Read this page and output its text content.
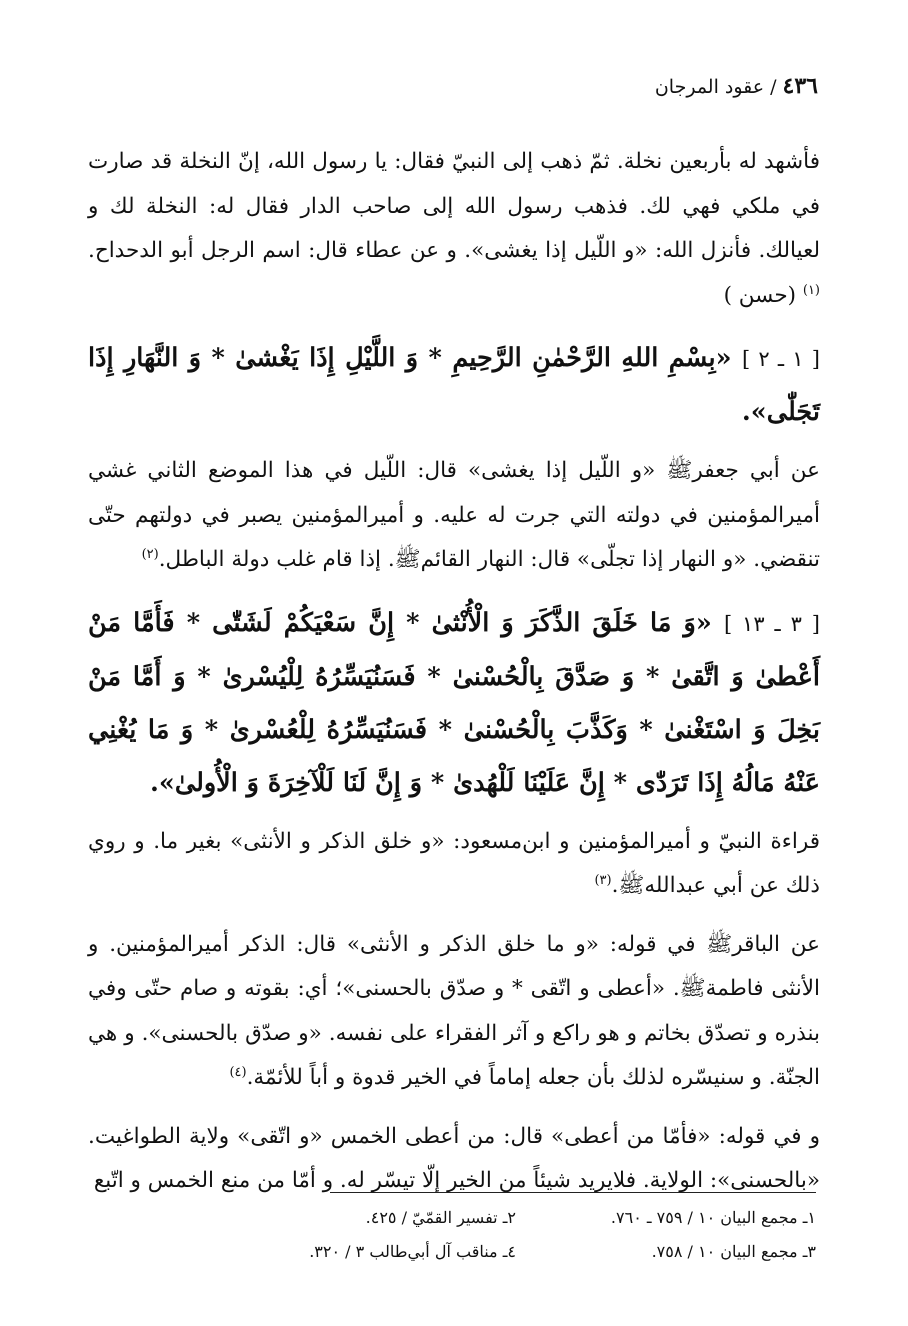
٤٣٦/عقود المرجان

فأشهد له بأربعين نخلة. ثمّ ذهب إلى النبيّ فقال: يا رسول الله، إنّ النخلة قد صارت في ملكي فهي لك. فذهب رسول الله إلى صاحب الدار فقال له: النخلة لك و لعيالك. فأنزل الله: «و اللّيل إذا يغشى». و عن عطاء قال: اسم الرجل أبو الدحداح.$^{(١)}$ (حسن )

[ ١ ـ ٢ ] «بِسْمِ اللهِ الرَّحْمٰنِ الرَّحِيمِ * وَ اللَّيْلِ إِذَا يَغْشىٰ * وَ النَّهَارِ إِذَا تَجَلّٰى».

عن أبي جعفرﷺ «و اللّيل إذا يغشى» قال: اللّيل في هذا الموضع الثاني غشي أميرالمؤمنين في دولته التي جرت له عليه. و أميرالمؤمنين يصبر في دولتهم حتّى تنقضي. «و النهار إذا تجلّى» قال: النهار القائمﷺ. إذا قام غلب دولة الباطل.$^{(٢)}$

[ ٣ ـ ١٣ ] «وَ مَا خَلَقَ الذَّكَرَ وَ الْأُنْثىٰ * إِنَّ سَعْيَكُمْ لَشَتّٰى * فَأَمَّا مَنْ أَعْطىٰ وَ اتَّقىٰ * وَ صَدَّقَ بِالْحُسْنىٰ * فَسَنُيَسِّرُهُ لِلْيُسْرىٰ * وَ أَمَّا مَنْ بَخِلَ وَ اسْتَغْنىٰ * وَكَذَّبَ بِالْحُسْنىٰ * فَسَنُيَسِّرُهُ لِلْعُسْرىٰ * وَ مَا يُغْنِي عَنْهُ مَالُهُ إِذَا تَرَدّٰى * إِنَّ عَلَيْنَا لَلْهُدىٰ * وَ إِنَّ لَنَا لَلْآخِرَةَ وَ الْأُولىٰ».

قراءة النبيّ و أميرالمؤمنين و ابن‌مسعود: «و خلق الذكر و الأنثى» بغير ما. و روي ذلك عن أبي عبداللهﷺ.$^{(٣)}$

عن الباقرﷺ في قوله: «و ما خلق الذكر و الأنثى» قال: الذكر أميرالمؤمنين. و الأنثى فاطمةﷺ. «أعطى و اتّقى * و صدّق بالحسنى»؛ أي: بقوته و صام حتّى وفي بنذره و تصدّق بخاتم و هو راكع و آثر الفقراء على نفسه. «و صدّق بالحسنى». و هي الجنّة. و سنيسّره لذلك بأن جعله إماماً في الخير قدوة و أباً للأئمّة.$^{(٤)}$

و في قوله: «فأمّا من أعطى» قال: من أعطى الخمس «و اتّقى» ولاية الطواغيت. «بالحسنى»: الولاية. فلايريد شيئاً من الخير إلّا تيسّر له. و أمّا من منع الخمس و اتّبع

١ـ مجمع البيان ١٠ / ٧٥٩ ـ ٧٦٠.
٢ـ تفسير القمّيّ / ٤٢٥.
٣ـ مجمع البيان ١٠ / ٧٥٨.
٤ـ مناقب آل أبي‌طالب ٣ / ٣٢٠.
